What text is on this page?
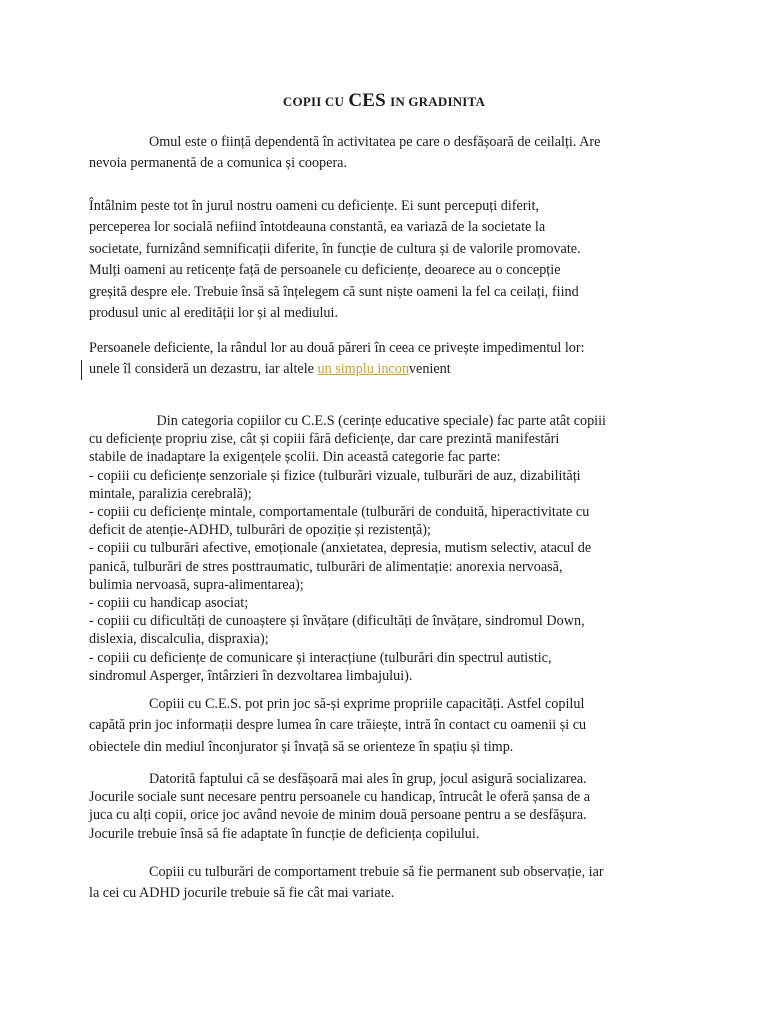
COPII CU CES IN GRADINITA
Omul este o ființă dependentă în activitatea pe care o desfășoară de ceilalți. Are
nevoia permanentă de a comunica și coopera.
Întâlnim peste tot în jurul nostru oameni cu deficiențe. Ei sunt percepuți diferit,
perceperea lor socială nefiind întotdeauna constantă, ea variază de la societate la
societate, furnizând semnificații diferite, în funcție de cultura și de valorile promovate.
Mulți oameni au reticențe față de persoanele cu deficiențe, deoarece au o concepție
greșită despre ele. Trebuie însă să înțelegem că sunt niște oameni la fel ca ceilați, fiind
produsul unic al eredității lor și al mediului.
Persoanele deficiente, la rândul lor au două păreri în ceea ce privește impedimentul lor:
unele îl consideră un dezastru, iar altele un simplu inconvenient
Din categoria copiilor cu C.E.S (cerințe educative speciale) fac parte atât copiii
cu deficiențe propriu zise, cât și copiii fără deficiențe, dar care prezintă manifestări
stabile de inadaptare la exigențele școlii. Din această categorie fac parte:
- copiii cu deficiențe senzoriale și fizice (tulburări vizuale, tulburări de auz, dizabilități
mintale, paralizia cerebrală);
- copiii cu deficiențe mintale, comportamentale (tulburări de conduită, hiperactivitate cu
deficit de atenție-ADHD, tulburări de opoziție și rezistență);
- copiii cu tulburări afective, emoționale (anxietatea, depresia, mutism selectiv, atacul de
panică, tulburări de stres posttraumatic, tulburări de alimentație: anorexia nervoasă,
bulimia nervoasă, supra-alimentarea);
- copiii cu handicap asociat;
- copiii cu dificultăți de cunoaștere și învățare (dificultăți de învățare, sindromul Down,
dislexia, discalculia, dispraxia);
- copiii cu deficiențe de comunicare și interacțiune (tulburări din spectrul autistic,
sindromul Asperger, întârzieri în dezvoltarea limbajului).
Copiii cu C.E.S. pot prin joc să-și exprime propriile capacități. Astfel copilul
capătă prin joc informații despre lumea în care trăiește, intră în contact cu oamenii și cu
obiectele din mediul înconjurator și învață să se orienteze în spațiu și timp.
Datorită faptului că se desfășoară mai ales în grup, jocul asigură socializarea.
Jocurile sociale sunt necesare pentru persoanele cu handicap, întrucât le oferă șansa de a
juca cu alți copii, orice joc având nevoie de minim două persoane pentru a se desfășura.
Jocurile trebuie însă să fie adaptate în funcție de deficiența copilului.
Copiii cu tulburări de comportament trebuie să fie permanent sub observație, iar
la cei cu ADHD jocurile trebuie să fie cât mai variate.
